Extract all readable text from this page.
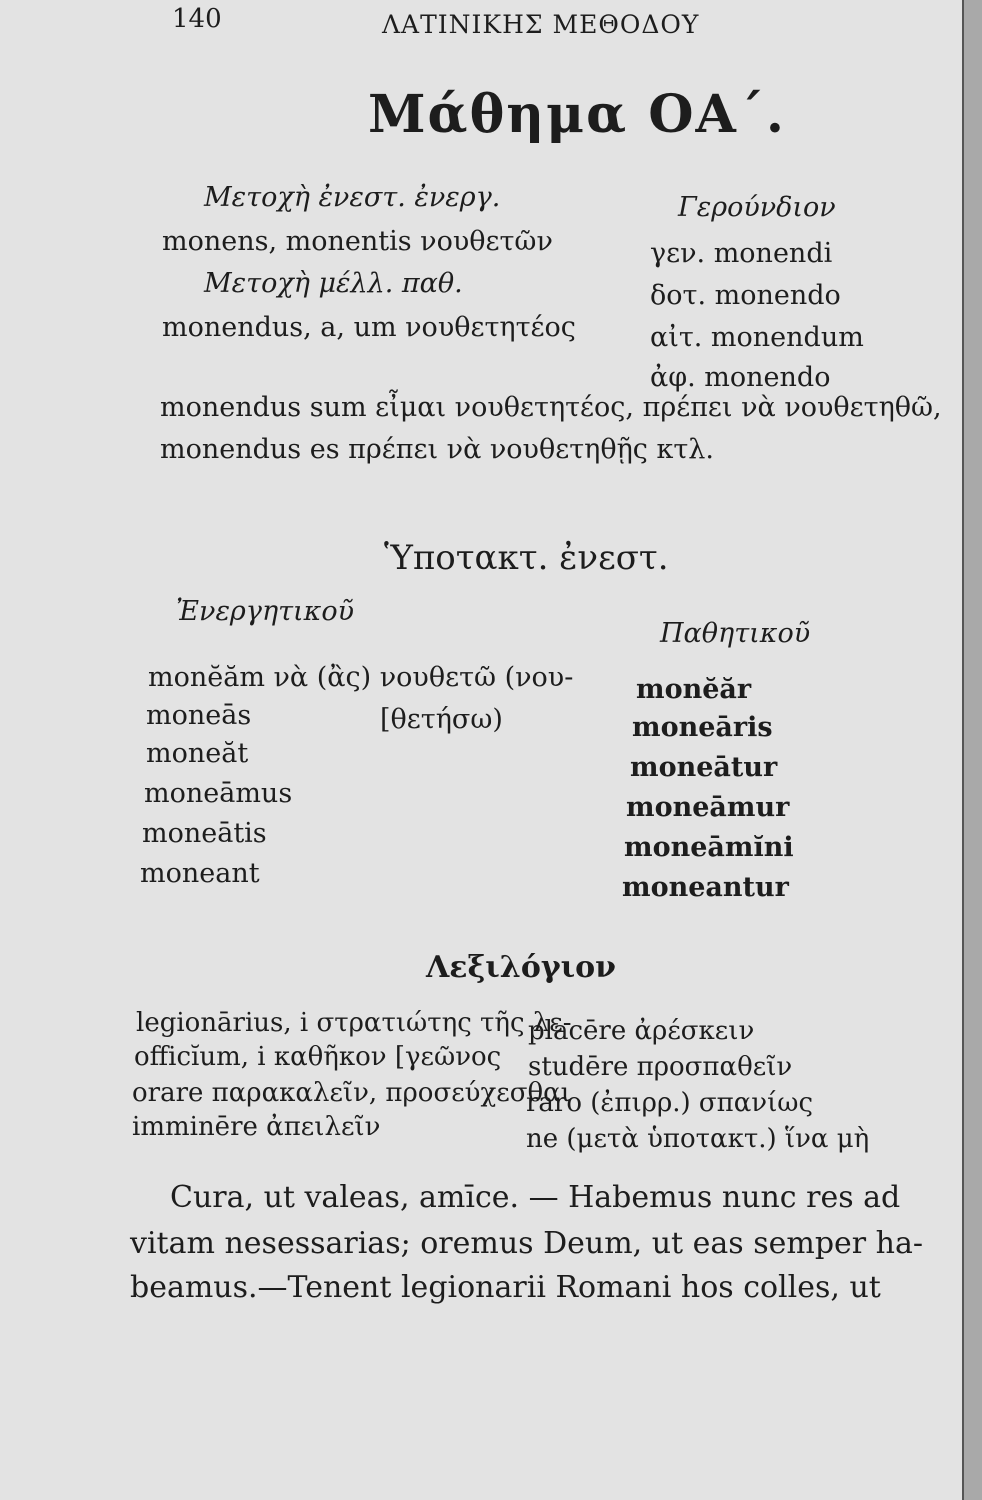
140	ΛΑΤΙΝΙΚΗΣ ΜΕΘΟΔΟΥ
Μάθημα ΟΑ΄.
Μετοχὴ ἐνεστ. ἐνεργ.
monens, monentis νουθετῶν
Μετοχὴ μέλλ. παθ.
monendus, a, um νουθετητέος
Γερούνδιον
γεν. monendi
δοτ. monendo
αἰτ. monendum
ἀφ. monendo
monendus sum εἶμαι νουθετητέος, πρέπει νὰ νουθετηθῶ,
monendus es πρέπει νὰ νουθετηθῇς κτλ.
Ὑποτακτ. ἐνεστ.
Ἐνεργητικοῦ
Παθητικοῦ
monĕăm νὰ (ἂς) νουθετῶ (νου-
[θετήσω)
moneās
moneăt
moneāmus
moneātis
moneant
monĕăr
moneāris
moneātur
moneāmur
moneāmĭni
moneantur
Λεξιλόγιον
legionārius, i στρατιώτης τῆς λε-
officĭum, i καθῆκον [γεῶνος
orare παρακαλεῖν, προσεύχεσθαι
imminēre ἀπειλεῖν
placēre ἀρέσκειν
studēre προσπαθεῖν
raro (ἐπιρρ.) σπανίως
ne (μετὰ ὑποτακτ.) ἵνα μὴ
Cura, ut valeas, amīce. — Habemus nunc res ad
vitam nesessarias; oremus Deum, ut eas semper ha-
beamus.—Tenent legionarii Romani hos colles, ut
